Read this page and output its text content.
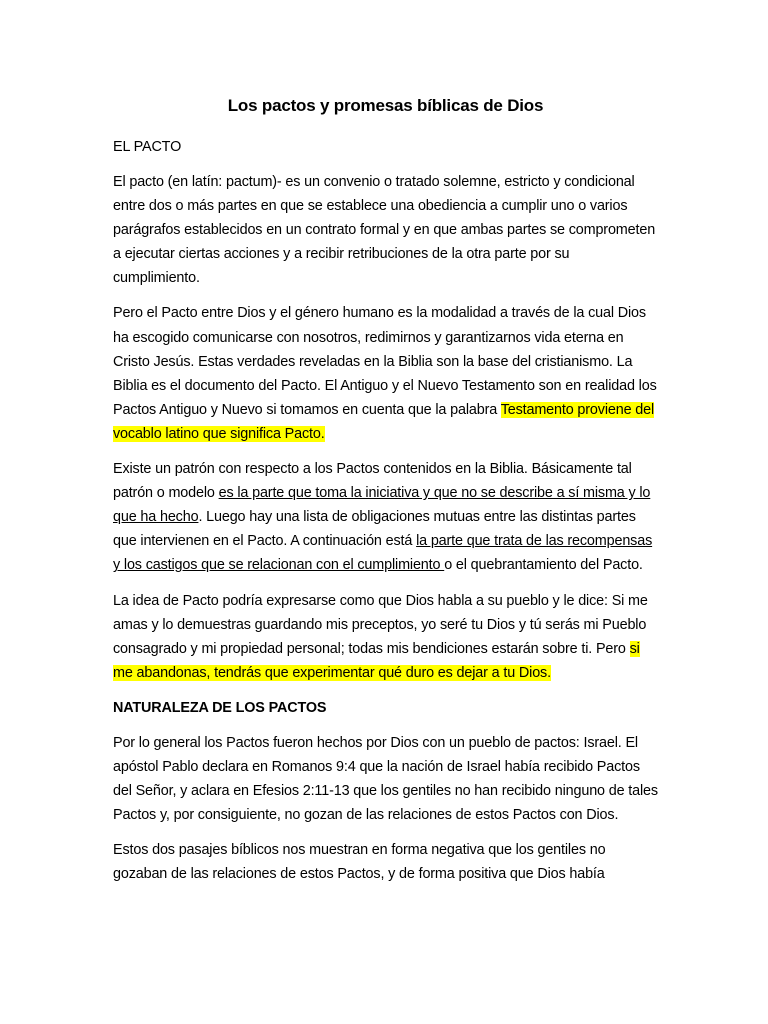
Los pactos y promesas bíblicas de Dios
EL PACTO
El pacto (en latín: pactum)- es un convenio o tratado solemne, estricto y condicional entre dos o más partes en que se establece una obediencia a cumplir uno o varios parágrafos establecidos en un contrato formal y en que ambas partes se comprometen a ejecutar ciertas acciones y a recibir retribuciones de la otra parte por su cumplimiento.
Pero el Pacto entre Dios y el género humano es la modalidad a través de la cual Dios ha escogido comunicarse con nosotros, redimirnos y garantizarnos vida eterna en Cristo Jesús. Estas verdades reveladas en la Biblia son la base del cristianismo. La Biblia es el documento del Pacto. El Antiguo y el Nuevo Testamento son en realidad los Pactos Antiguo y Nuevo si tomamos en cuenta que la palabra Testamento proviene del vocablo latino que significa Pacto.
Existe un patrón con respecto a los Pactos contenidos en la Biblia. Básicamente tal patrón o modelo es la parte que toma la iniciativa y que no se describe a sí misma y lo que ha hecho. Luego hay una lista de obligaciones mutuas entre las distintas partes que intervienen en el Pacto. A continuación está la parte que trata de las recompensas y los castigos que se relacionan con el cumplimiento o el quebrantamiento del Pacto.
La idea de Pacto podría expresarse como que Dios habla a su pueblo y le dice: Si me amas y lo demuestras guardando mis preceptos, yo seré tu Dios y tú serás mi Pueblo consagrado y mi propiedad personal; todas mis bendiciones estarán sobre ti. Pero si me abandonas, tendrás que experimentar qué duro es dejar a tu Dios.
NATURALEZA DE LOS PACTOS
Por lo general los Pactos fueron hechos por Dios con un pueblo de pactos: Israel. El apóstol Pablo declara en Romanos 9:4 que la nación de Israel había recibido Pactos del Señor, y aclara en Efesios 2:11-13 que los gentiles no han recibido ninguno de tales Pactos y, por consiguiente, no gozan de las relaciones de estos Pactos con Dios.
Estos dos pasajes bíblicos nos muestran en forma negativa que los gentiles no gozaban de las relaciones de estos Pactos, y de forma positiva que Dios había
